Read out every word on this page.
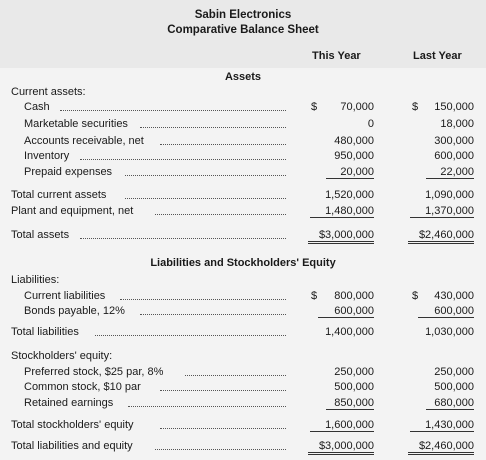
Sabin Electronics
Comparative Balance Sheet
This Year	Last Year
Assets
Current assets:
Cash	$	70,000	$	150,000
Marketable securities	0	18,000
Accounts receivable, net	480,000	300,000
Inventory	950,000	600,000
Prepaid expenses	20,000	22,000
Total current assets	1,520,000	1,090,000
Plant and equipment, net	1,480,000	1,370,000
Total assets	$3,000,000	$2,460,000
Liabilities and Stockholders' Equity
Liabilities:
Current liabilities	$	800,000	$	430,000
Bonds payable, 12%	600,000	600,000
Total liabilities	1,400,000	1,030,000
Stockholders' equity:
Preferred stock, $25 par, 8%	250,000	250,000
Common stock, $10 par	500,000	500,000
Retained earnings	850,000	680,000
Total stockholders' equity	1,600,000	1,430,000
Total liabilities and equity	$3,000,000	$2,460,000
